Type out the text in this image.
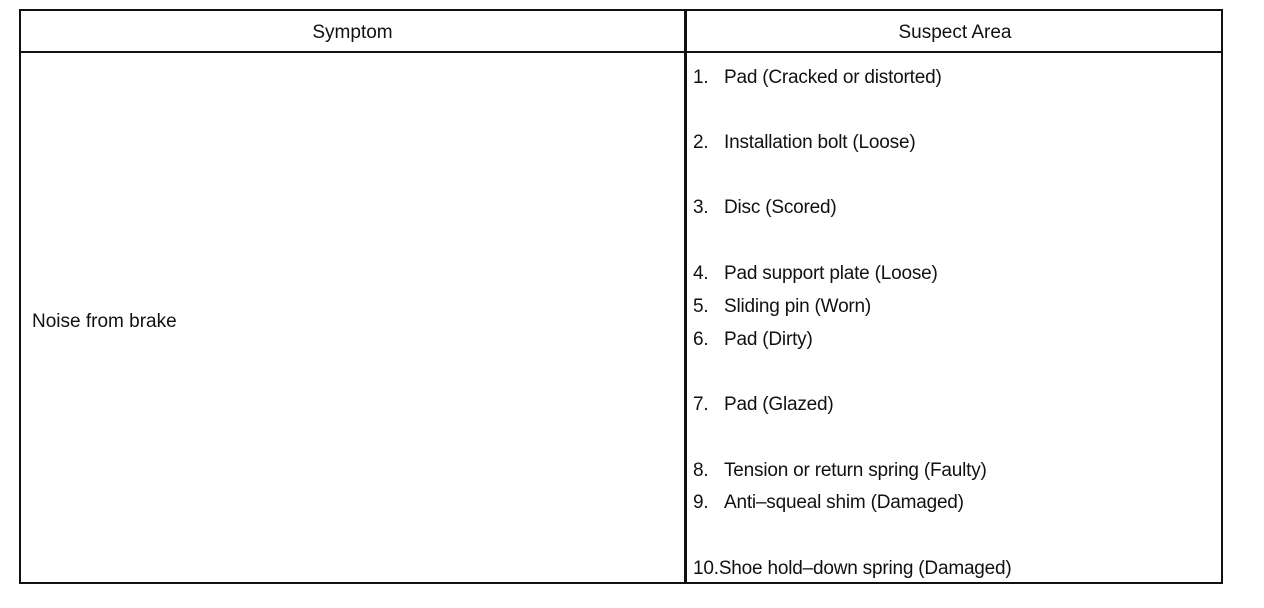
Symptom	Suspect Area
Noise from brake
1. Pad (Cracked or distorted)
2. Installation bolt (Loose)
3. Disc (Scored)
4. Pad support plate (Loose)
5. Sliding pin (Worn)
6. Pad (Dirty)
7. Pad (Glazed)
8. Tension or return spring (Faulty)
9. Anti–squeal shim (Damaged)
10.Shoe hold–down spring (Damaged)
